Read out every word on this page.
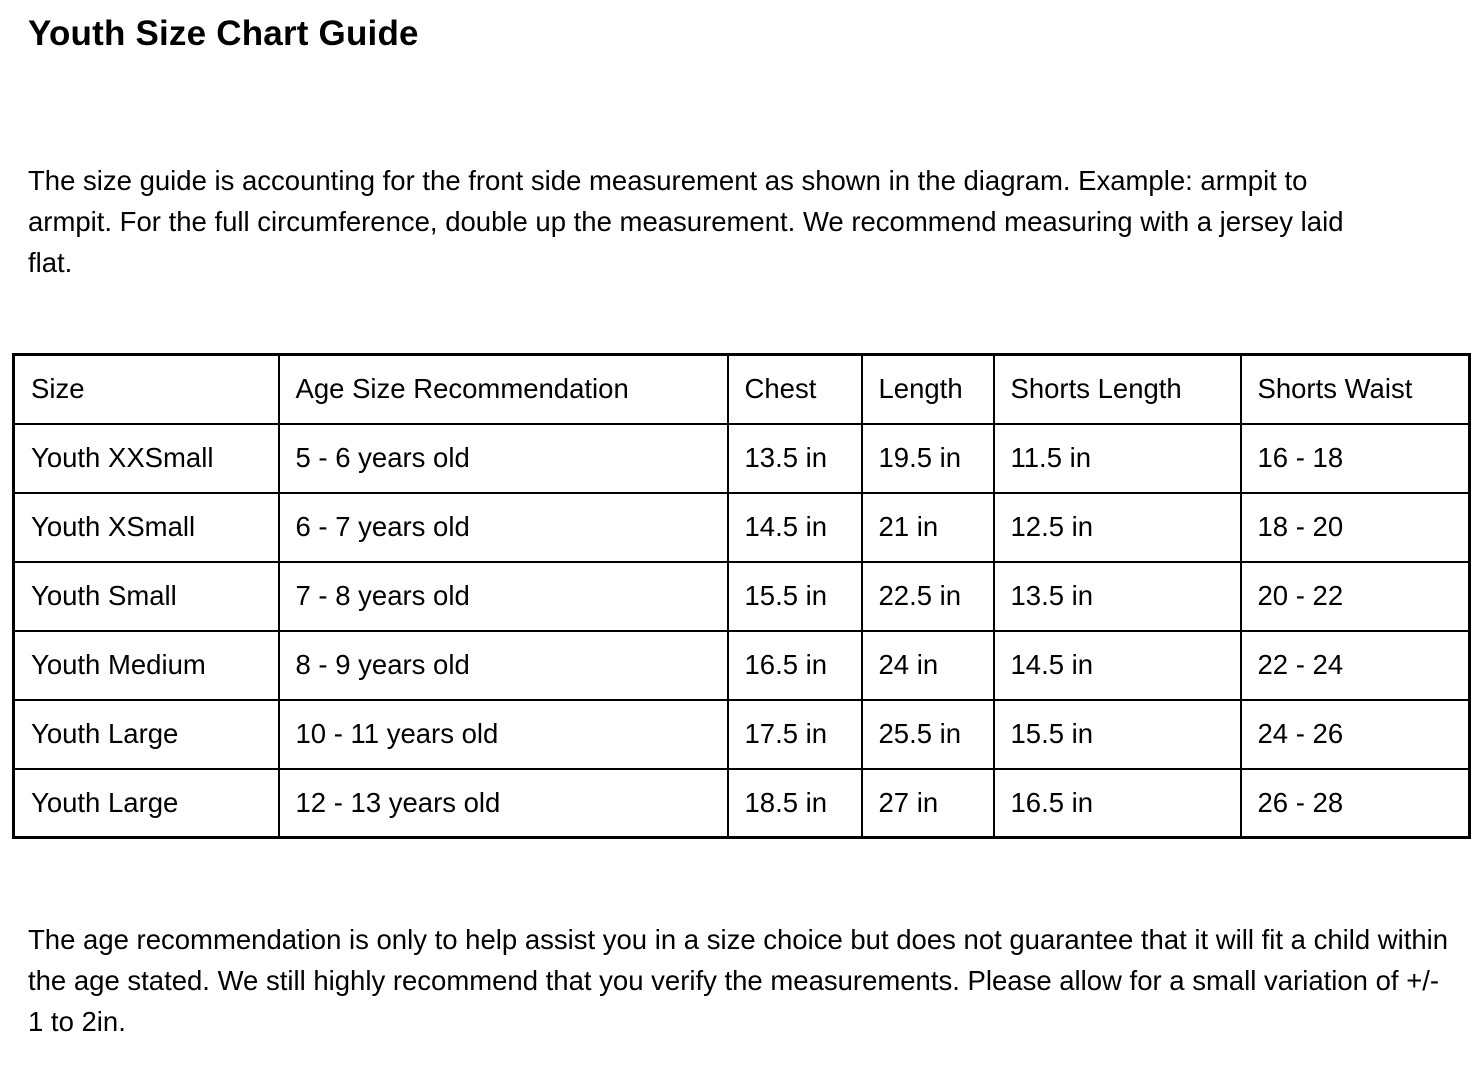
Youth Size Chart Guide

The size guide is accounting for the front side measurement as shown in the diagram. Example: armpit to armpit. For the full circumference, double up the measurement. We recommend measuring with a jersey laid flat.

Size	Age Size Recommendation	Chest	Length	Shorts Length	Shorts Waist
Youth XXSmall	5 - 6 years old	13.5 in	19.5 in	11.5 in	16 - 18
Youth XSmall	6 - 7 years old	14.5 in	21 in	12.5 in	18 - 20
Youth Small	7 - 8 years old	15.5 in	22.5 in	13.5 in	20 - 22
Youth Medium	8 - 9 years old	16.5 in	24 in	14.5 in	22 - 24
Youth Large	10 - 11 years old	17.5 in	25.5 in	15.5 in	24 - 26
Youth Large	12 - 13 years old	18.5 in	27 in	16.5 in	26 - 28

The age recommendation is only to help assist you in a size choice but does not guarantee that it will fit a child within the age stated. We still highly recommend that you verify the measurements. Please allow for a small variation of +/- 1 to 2in.
